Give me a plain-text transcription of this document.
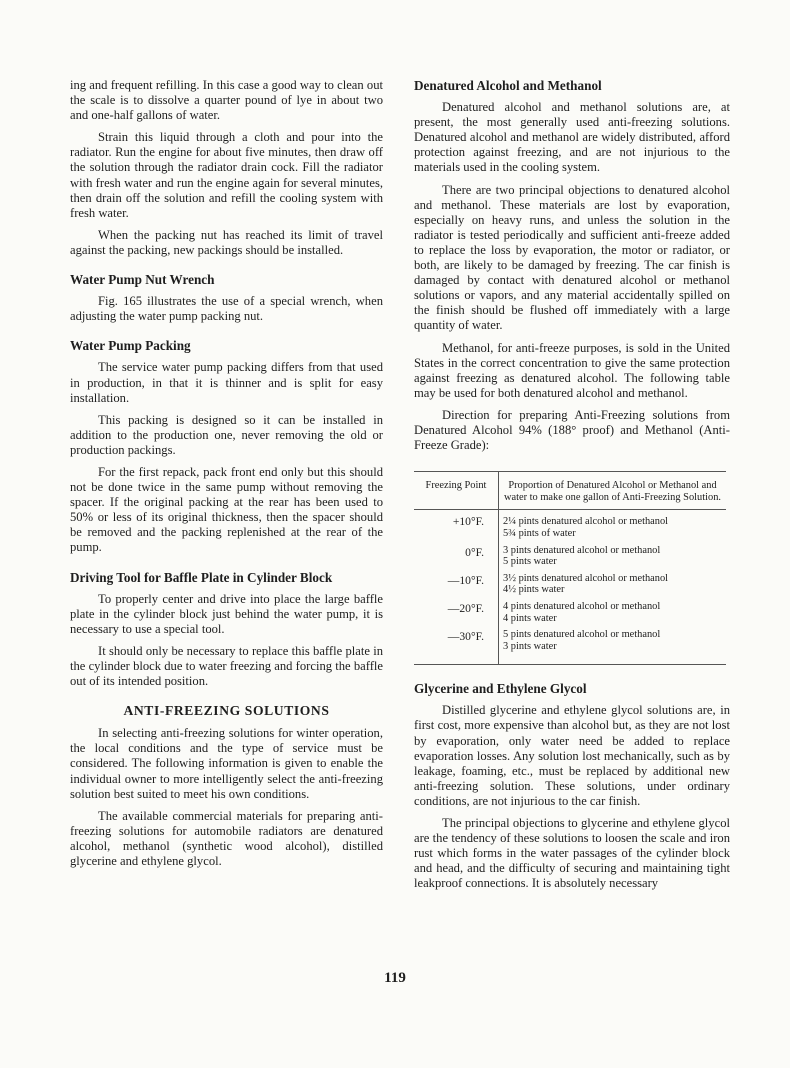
ing and frequent refilling. In this case a good way to clean out the scale is to dissolve a quarter pound of lye in about two and one-half gallons of water.

Strain this liquid through a cloth and pour into the radiator. Run the engine for about five minutes, then draw off the solution through the radiator drain cock. Fill the radiator with fresh water and run the engine again for several minutes, then drain off the solution and refill the cooling system with fresh water.

When the packing nut has reached its limit of travel against the packing, new packings should be installed.

Water Pump Nut Wrench

Fig. 165 illustrates the use of a special wrench, when adjusting the water pump packing nut.

Water Pump Packing

The service water pump packing differs from that used in production, in that it is thinner and is split for easy installation.

This packing is designed so it can be installed in addition to the production one, never removing the old or production packings.

For the first repack, pack front end only but this should not be done twice in the same pump without removing the spacer. If the original packing at the rear has been used to 50% or less of its original thickness, then the spacer should be removed and the packing replenished at the rear of the pump.

Driving Tool for Baffle Plate in Cylinder Block

To properly center and drive into place the large baffle plate in the cylinder block just behind the water pump, it is necessary to use a special tool.

It should only be necessary to replace this baffle plate in the cylinder block due to water freezing and forcing the baffle out of its intended position.

ANTI-FREEZING SOLUTIONS

In selecting anti-freezing solutions for winter operation, the local conditions and the type of service must be considered. The following information is given to enable the individual owner to more intelligently select the anti-freezing solution best suited to meet his own conditions.

The available commercial materials for preparing anti-freezing solutions for automobile radiators are denatured alcohol, methanol (synthetic wood alcohol), distilled glycerine and ethylene glycol.

Denatured Alcohol and Methanol

Denatured alcohol and methanol solutions are, at present, the most generally used anti-freezing solutions. Denatured alcohol and methanol are widely distributed, afford protection against freezing, and are not injurious to the materials used in the cooling system.

There are two principal objections to denatured alcohol and methanol. These materials are lost by evaporation, especially on heavy runs, and unless the solution in the radiator is tested periodically and sufficient anti-freeze added to replace the loss by evaporation, the motor or radiator, or both, are likely to be damaged by freezing. The car finish is damaged by contact with denatured alcohol or methanol solutions or vapors, and any material accidentally spilled on the finish should be flushed off immediately with a large quantity of water.

Methanol, for anti-freeze purposes, is sold in the United States in the correct concentration to give the same protection against freezing as denatured alcohol. The following table may be used for both denatured alcohol and methanol.

Direction for preparing Anti-Freezing solutions from Denatured Alcohol 94% (188° proof) and Methanol (Anti-Freeze Grade):

Freezing Point	Proportion of Denatured Alcohol or Methanol and water to make one gallon of Anti-Freezing Solution.
+10°F.	2¼ pints denatured alcohol or methanol
5¾ pints of water

0°F.	3 pints denatured alcohol or methanol
5 pints water

—10°F.	3½ pints denatured alcohol or methanol
4½ pints water

—20°F.	4 pints denatured alcohol or methanol
4 pints water

—30°F.	5 pints denatured alcohol or methanol
3 pints water
Glycerine and Ethylene Glycol

Distilled glycerine and ethylene glycol solutions are, in first cost, more expensive than alcohol but, as they are not lost by evaporation, only water need be added to replace evaporation losses. Any solution lost mechanically, such as by leakage, foaming, etc., must be replaced by additional new anti-freezing solution. These solutions, under ordinary conditions, are not injurious to the car finish.

The principal objections to glycerine and ethylene glycol are the tendency of these solutions to loosen the scale and iron rust which forms in the water passages of the cylinder block and head, and the difficulty of securing and maintaining tight leakproof connections. It is absolutely necessary

119
